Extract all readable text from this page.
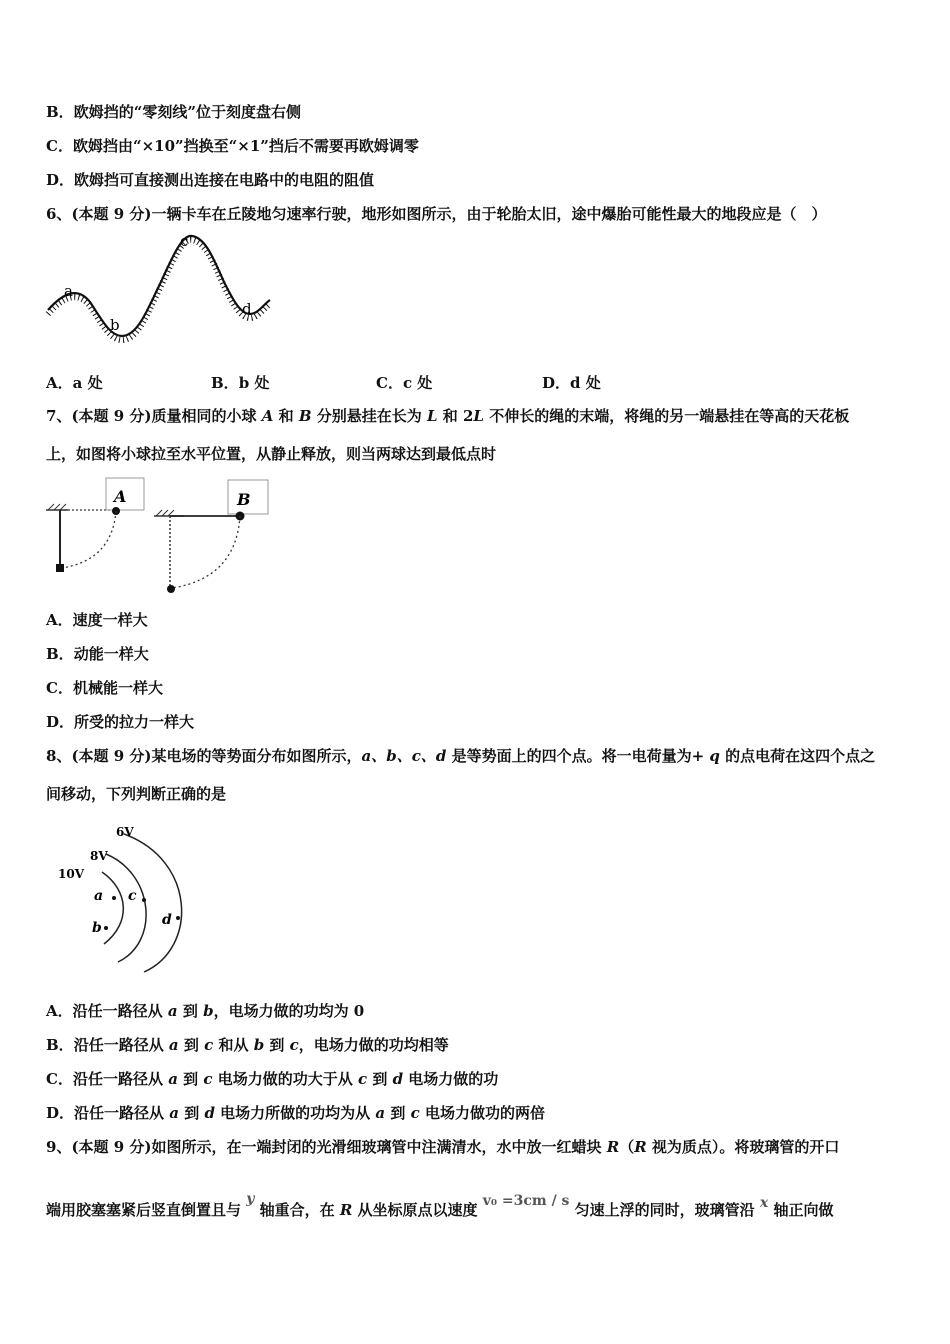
B．欧姆挡的“零刻线”位于刻度盘右侧
C．欧姆挡由“×10”挡换至“×1”挡后不需要再欧姆调零
D．欧姆挡可直接测出连接在电路中的电阻的阻值
6、(本题 9 分)一辆卡车在丘陵地匀速率行驶，地形如图所示，由于轮胎太旧，途中爆胎可能性最大的地段应是（　）
a
b
c
d
A．a 处	B．b 处	C．c 处	D．d 处
7、(本题 9 分)质量相同的小球 A 和 B 分别悬挂在长为 L 和 2L 不伸长的绳的末端，将绳的另一端悬挂在等高的天花板
上，如图将小球拉至水平位置，从静止释放，则当两球达到最低点时
A	B
A．速度一样大
B．动能一样大
C．机械能一样大
D．所受的拉力一样大
8、(本题 9 分)某电场的等势面分布如图所示，a、b、c、d 是等势面上的四个点。将一电荷量为+ q 的点电荷在这四个点之
间移动，下列判断正确的是
6V
8V
10V
a
b
c
d
A．沿任一路径从 a 到 b，电场力做的功均为 0
B．沿任一路径从 a 到 c 和从 b 到 c，电场力做的功均相等
C．沿任一路径从 a 到 c 电场力做的功大于从 c 到 d 电场力做的功
D．沿任一路径从 a 到 d 电场力所做的功均为从 a 到 c 电场力做功的两倍
9、(本题 9 分)如图所示，在一端封闭的光滑细玻璃管中注满清水，水中放一红蜡块 R（R 视为质点）。将玻璃管的开口
端用胶塞塞紧后竖直倒置且与 y 轴重合，在 R 从坐标原点以速度 v₀ =3cm / s 匀速上浮的同时，玻璃管沿 x 轴正向做
